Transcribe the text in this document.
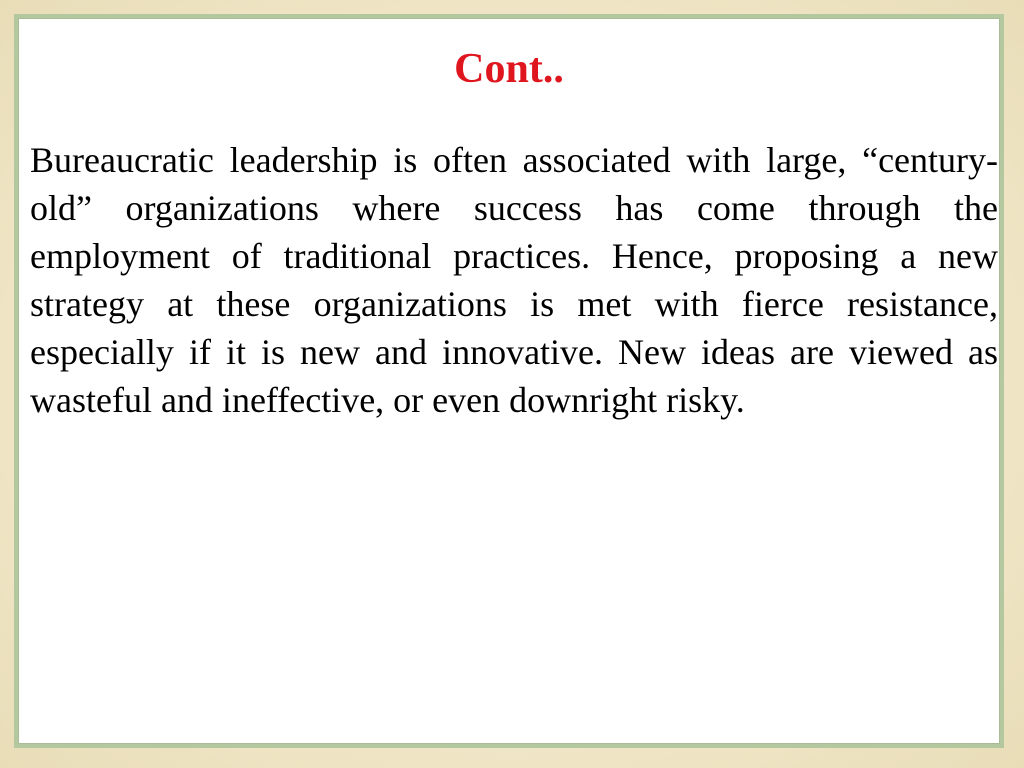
Cont..

Bureaucratic leadership is often associated with large, “century-old” organizations where success has come through the employment of traditional practices. Hence, proposing a new strategy at these organizations is met with fierce resistance, especially if it is new and innovative. New ideas are viewed as wasteful and ineffective, or even downright risky.
